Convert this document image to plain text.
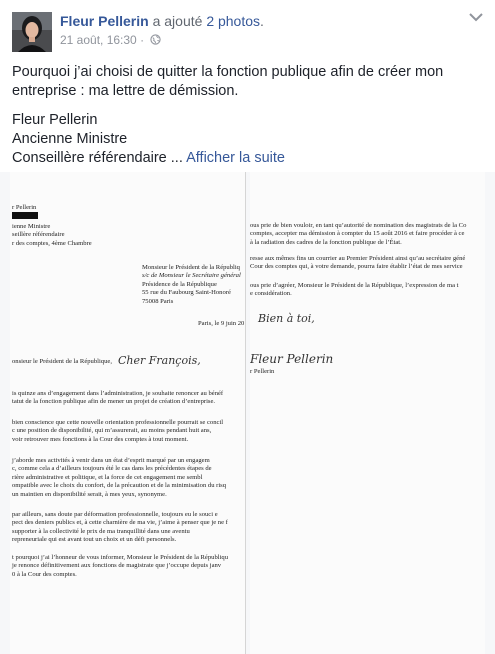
Fleur Pellerin a ajouté 2 photos.
21 août, 16:30 ·

Pourquoi j’ai choisi de quitter la fonction publique afin de créer mon entreprise : ma lettre de démission.

Fleur Pellerin
Ancienne Ministre
Conseillère référendaire ... Afficher la suite

r Pellerin
ienne Ministre
seillère référendaire
r des comptes, 4ème Chambre
Monsieur le Président de la Républiq
s/c de Monsieur le Secrétaire général
Présidence de la République
55 rue du Faubourg Saint-Honoré
75008 Paris
Paris, le 9 juin 20
onsieur le Président de la République, Cher François,
is quinze ans d’engagement dans l’administration, je souhaite renoncer au bénéf
tatut de la fonction publique afin de mener un projet de création d’entreprise.
bien conscience que cette nouvelle orientation professionnelle pourrait se concil
c une position de disponibilité, qui m’assurerait, au moins pendant huit ans,
voir retrouver mes fonctions à la Cour des comptes à tout moment.
j’aborde mes activités à venir dans un état d’esprit marqué par un engagem
c, comme cela a d’ailleurs toujours été le cas dans les précédentes étapes de
rière administrative et politique, et la force de cet engagement me sembl
ompatible avec le choix du confort, de la précaution et de la minimisation du risq
un maintien en disponibilité serait, à mes yeux, synonyme.
par ailleurs, sans doute par déformation professionnelle, toujours eu le souci e
pect des deniers publics et, à cette charnière de ma vie, j’aime à penser que je ne f
supporter à la collectivité le prix de ma tranquillité dans une aventu
repreneuriale qui est avant tout un choix et un défi personnels.
t pourquoi j’ai l’honneur de vous informer, Monsieur le Président de la Républiqu
je renonce définitivement aux fonctions de magistrate que j’occupe depuis janv
0 à la Cour des comptes.
ous prie de bien vouloir, en tant qu’autorité de nomination des magistrats de la Co
comptes, accepter ma démission à compter du 15 août 2016 et faire procéder à ce
à la radiation des cadres de la fonction publique de l’État.
resse aux mêmes fins un courrier au Premier Président ainsi qu’au secrétaire géné
Cour des comptes qui, à votre demande, pourra faire établir l’état de mes service
ous prie d’agréer, Monsieur le Président de la République, l’expression de ma t
e considération.
Bien à toi,
Fleur Pellerin
r Pellerin
